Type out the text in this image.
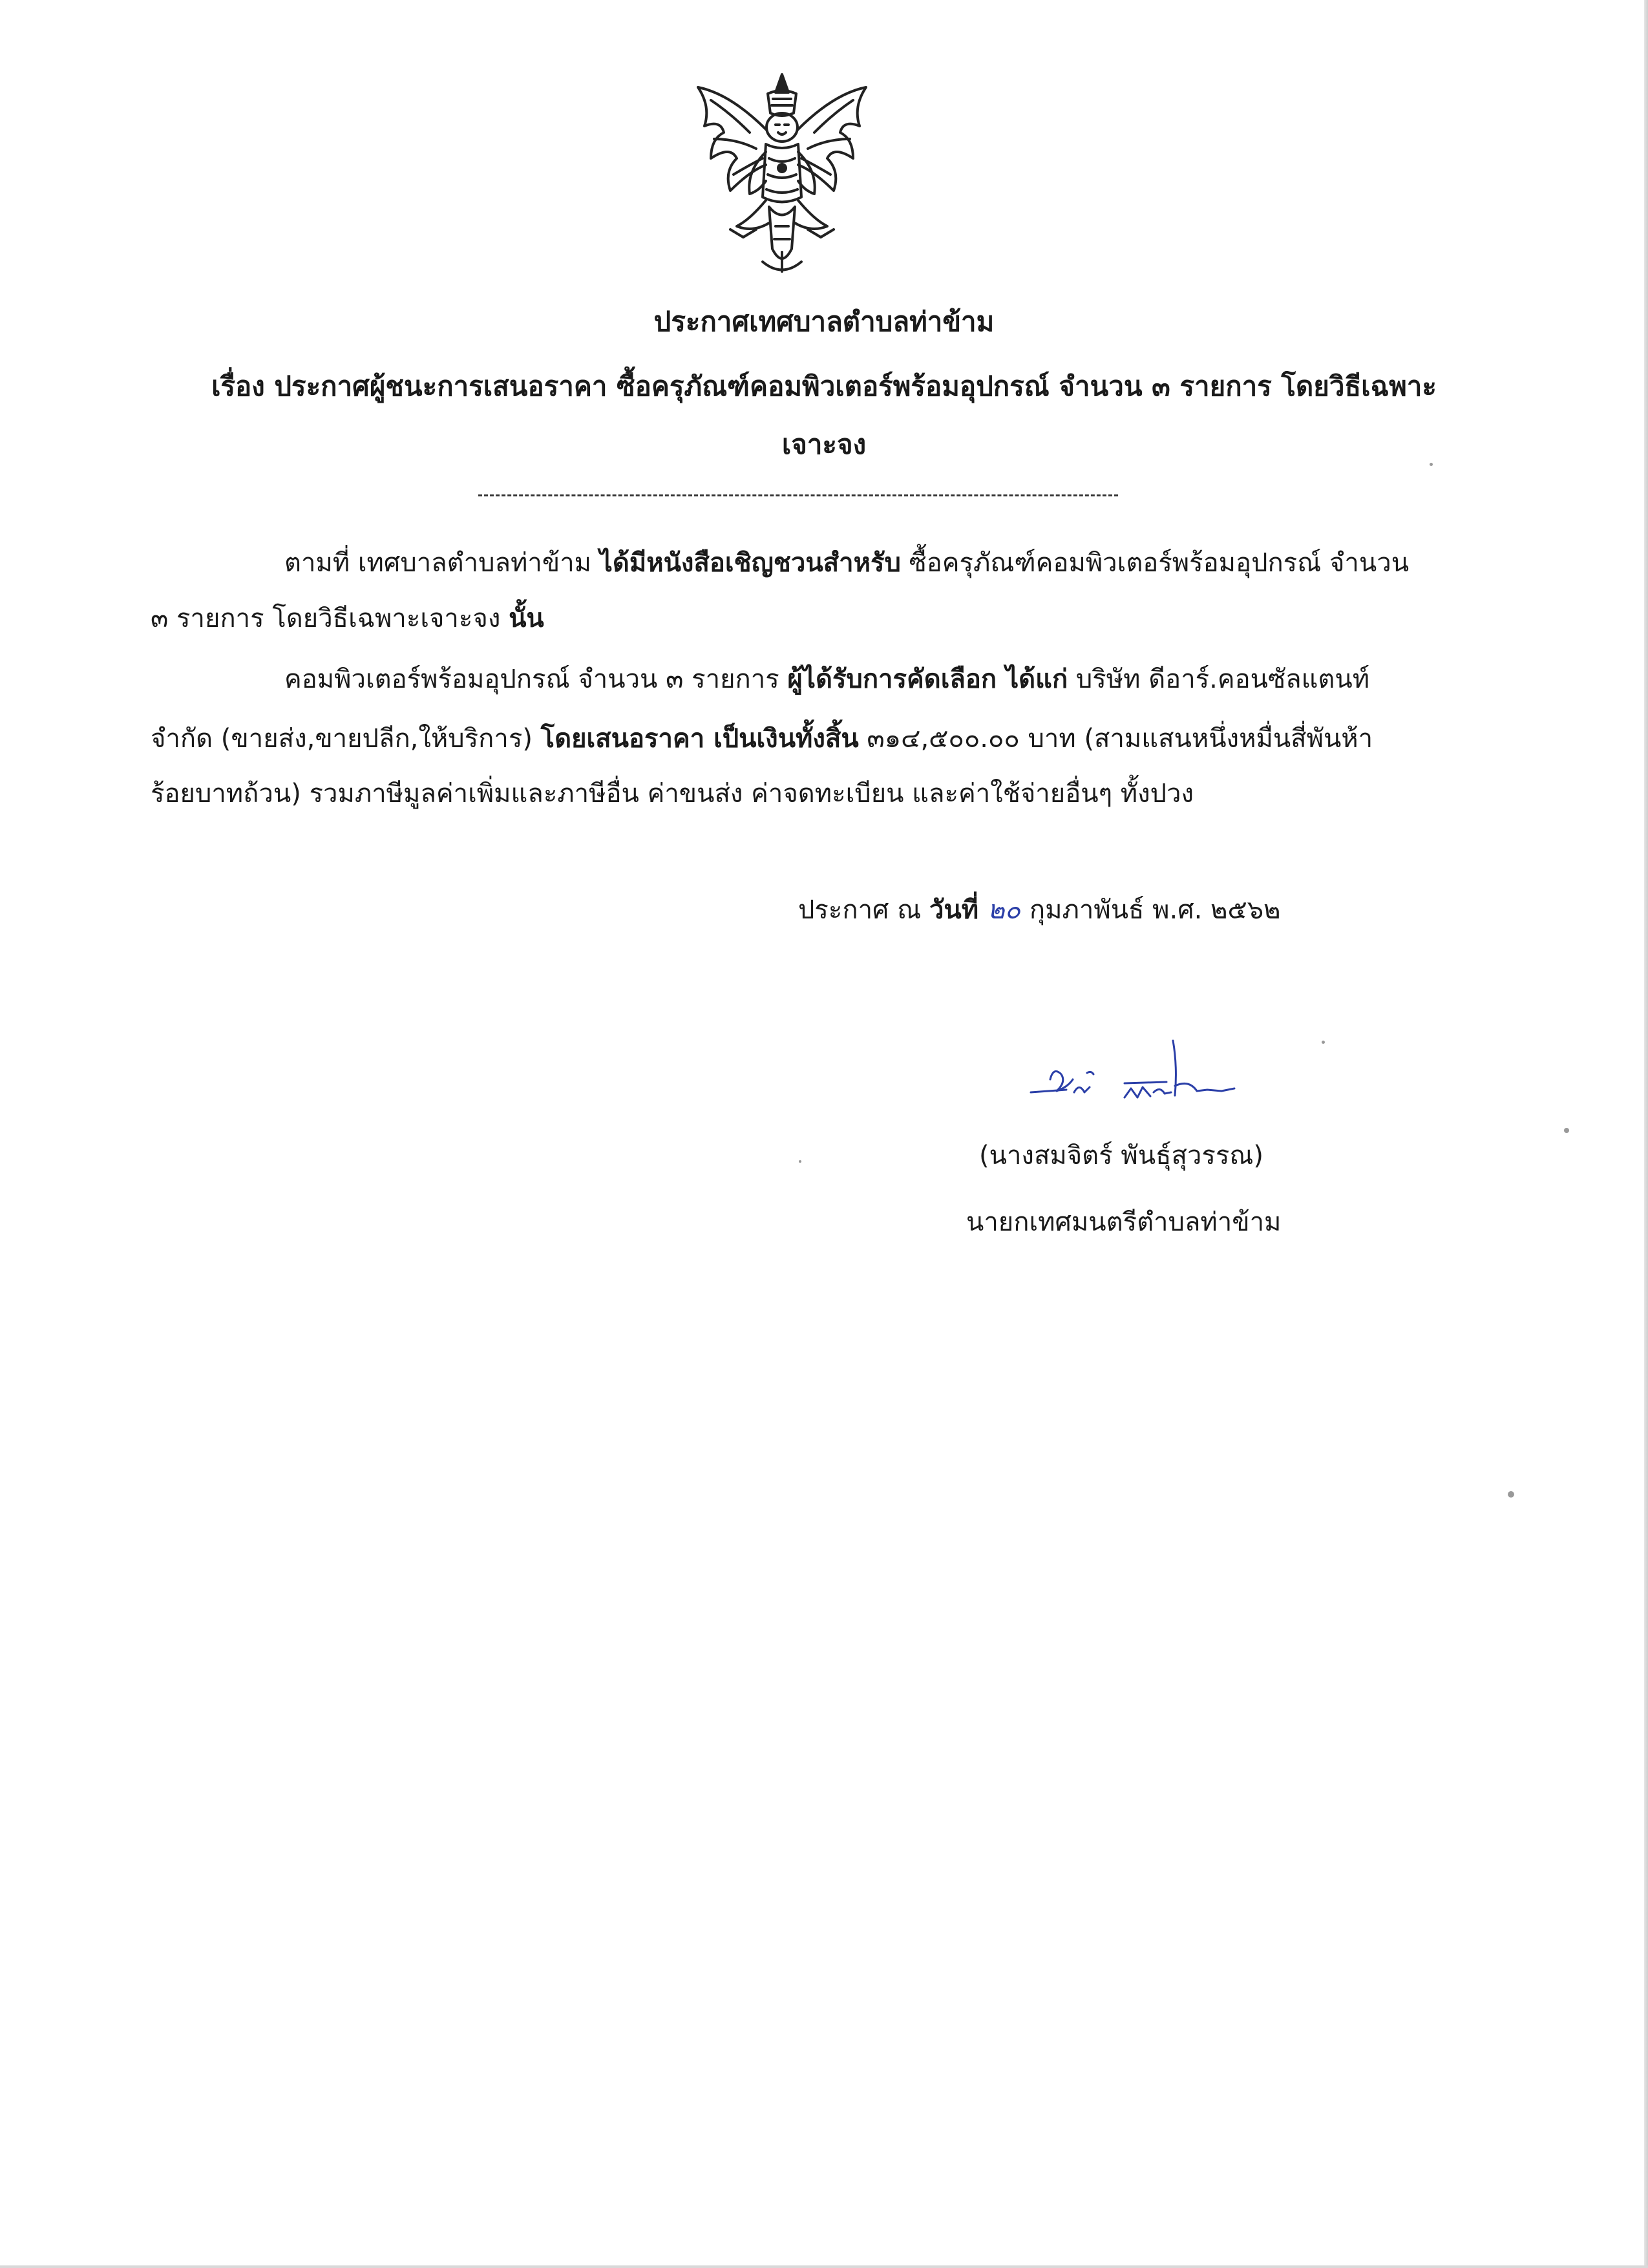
ประกาศเทศบาลตำบลท่าข้าม
เรื่อง ประกาศผู้ชนะการเสนอราคา ซื้อครุภัณฑ์คอมพิวเตอร์พร้อมอุปกรณ์ จำนวน ๓ รายการ โดยวิธีเฉพาะ
เจาะจง
ตามที่ เทศบาลตำบลท่าข้าม ได้มีหนังสือเชิญชวนสำหรับ ซื้อครุภัณฑ์คอมพิวเตอร์พร้อมอุปกรณ์ จำนวน
๓ รายการ โดยวิธีเฉพาะเจาะจง นั้น
คอมพิวเตอร์พร้อมอุปกรณ์ จำนวน ๓ รายการ ผู้ได้รับการคัดเลือก ได้แก่ บริษัท ดีอาร์.คอนซัลแตนท์
จำกัด (ขายส่ง,ขายปลีก,ให้บริการ) โดยเสนอราคา เป็นเงินทั้งสิ้น ๓๑๔,๕๐๐.๐๐ บาท (สามแสนหนึ่งหมื่นสี่พันห้า
ร้อยบาทถ้วน) รวมภาษีมูลค่าเพิ่มและภาษีอื่น ค่าขนส่ง ค่าจดทะเบียน และค่าใช้จ่ายอื่นๆ ทั้งปวง
ประกาศ ณ วันที่ ๒๐ กุมภาพันธ์ พ.ศ. ๒๕๖๒
(นางสมจิตร์ พันธุ์สุวรรณ)
นายกเทศมนตรีตำบลท่าข้าม
